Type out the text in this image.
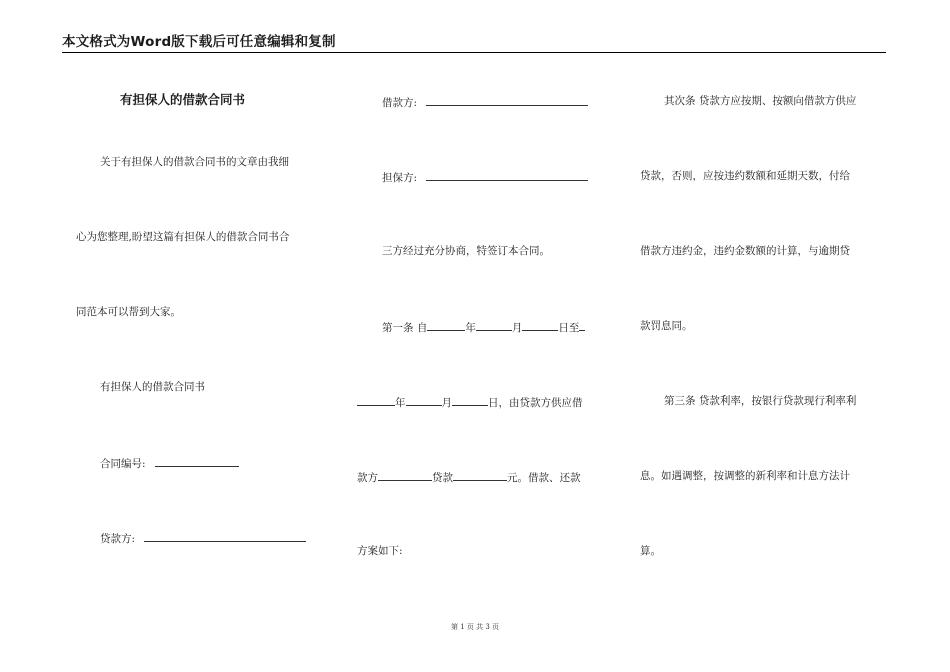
本文格式为Word版下载后可任意编辑和复制
有担保人的借款合同书
关于有担保人的借款合同书的文章由我细
心为您整理,盼望这篇有担保人的借款合同书合
同范本可以帮到大家。
有担保人的借款合同书
合同编号:
贷款方:
借款方:
担保方:
三方经过充分协商，特签订本合同。
第一条 自	年	月	日至
年	月	日，由贷款方供应借
款方	贷款	元。借款、还款
方案如下:
其次条 贷款方应按期、按额向借款方供应
贷款，否则，应按违约数额和延期天数，付给
借款方违约金，违约金数额的计算，与逾期贷
款罚息同。
第三条 贷款利率，按银行贷款现行利率利
息。如遇调整，按调整的新利率和计息方法计
算。
第 1 页 共 3 页
